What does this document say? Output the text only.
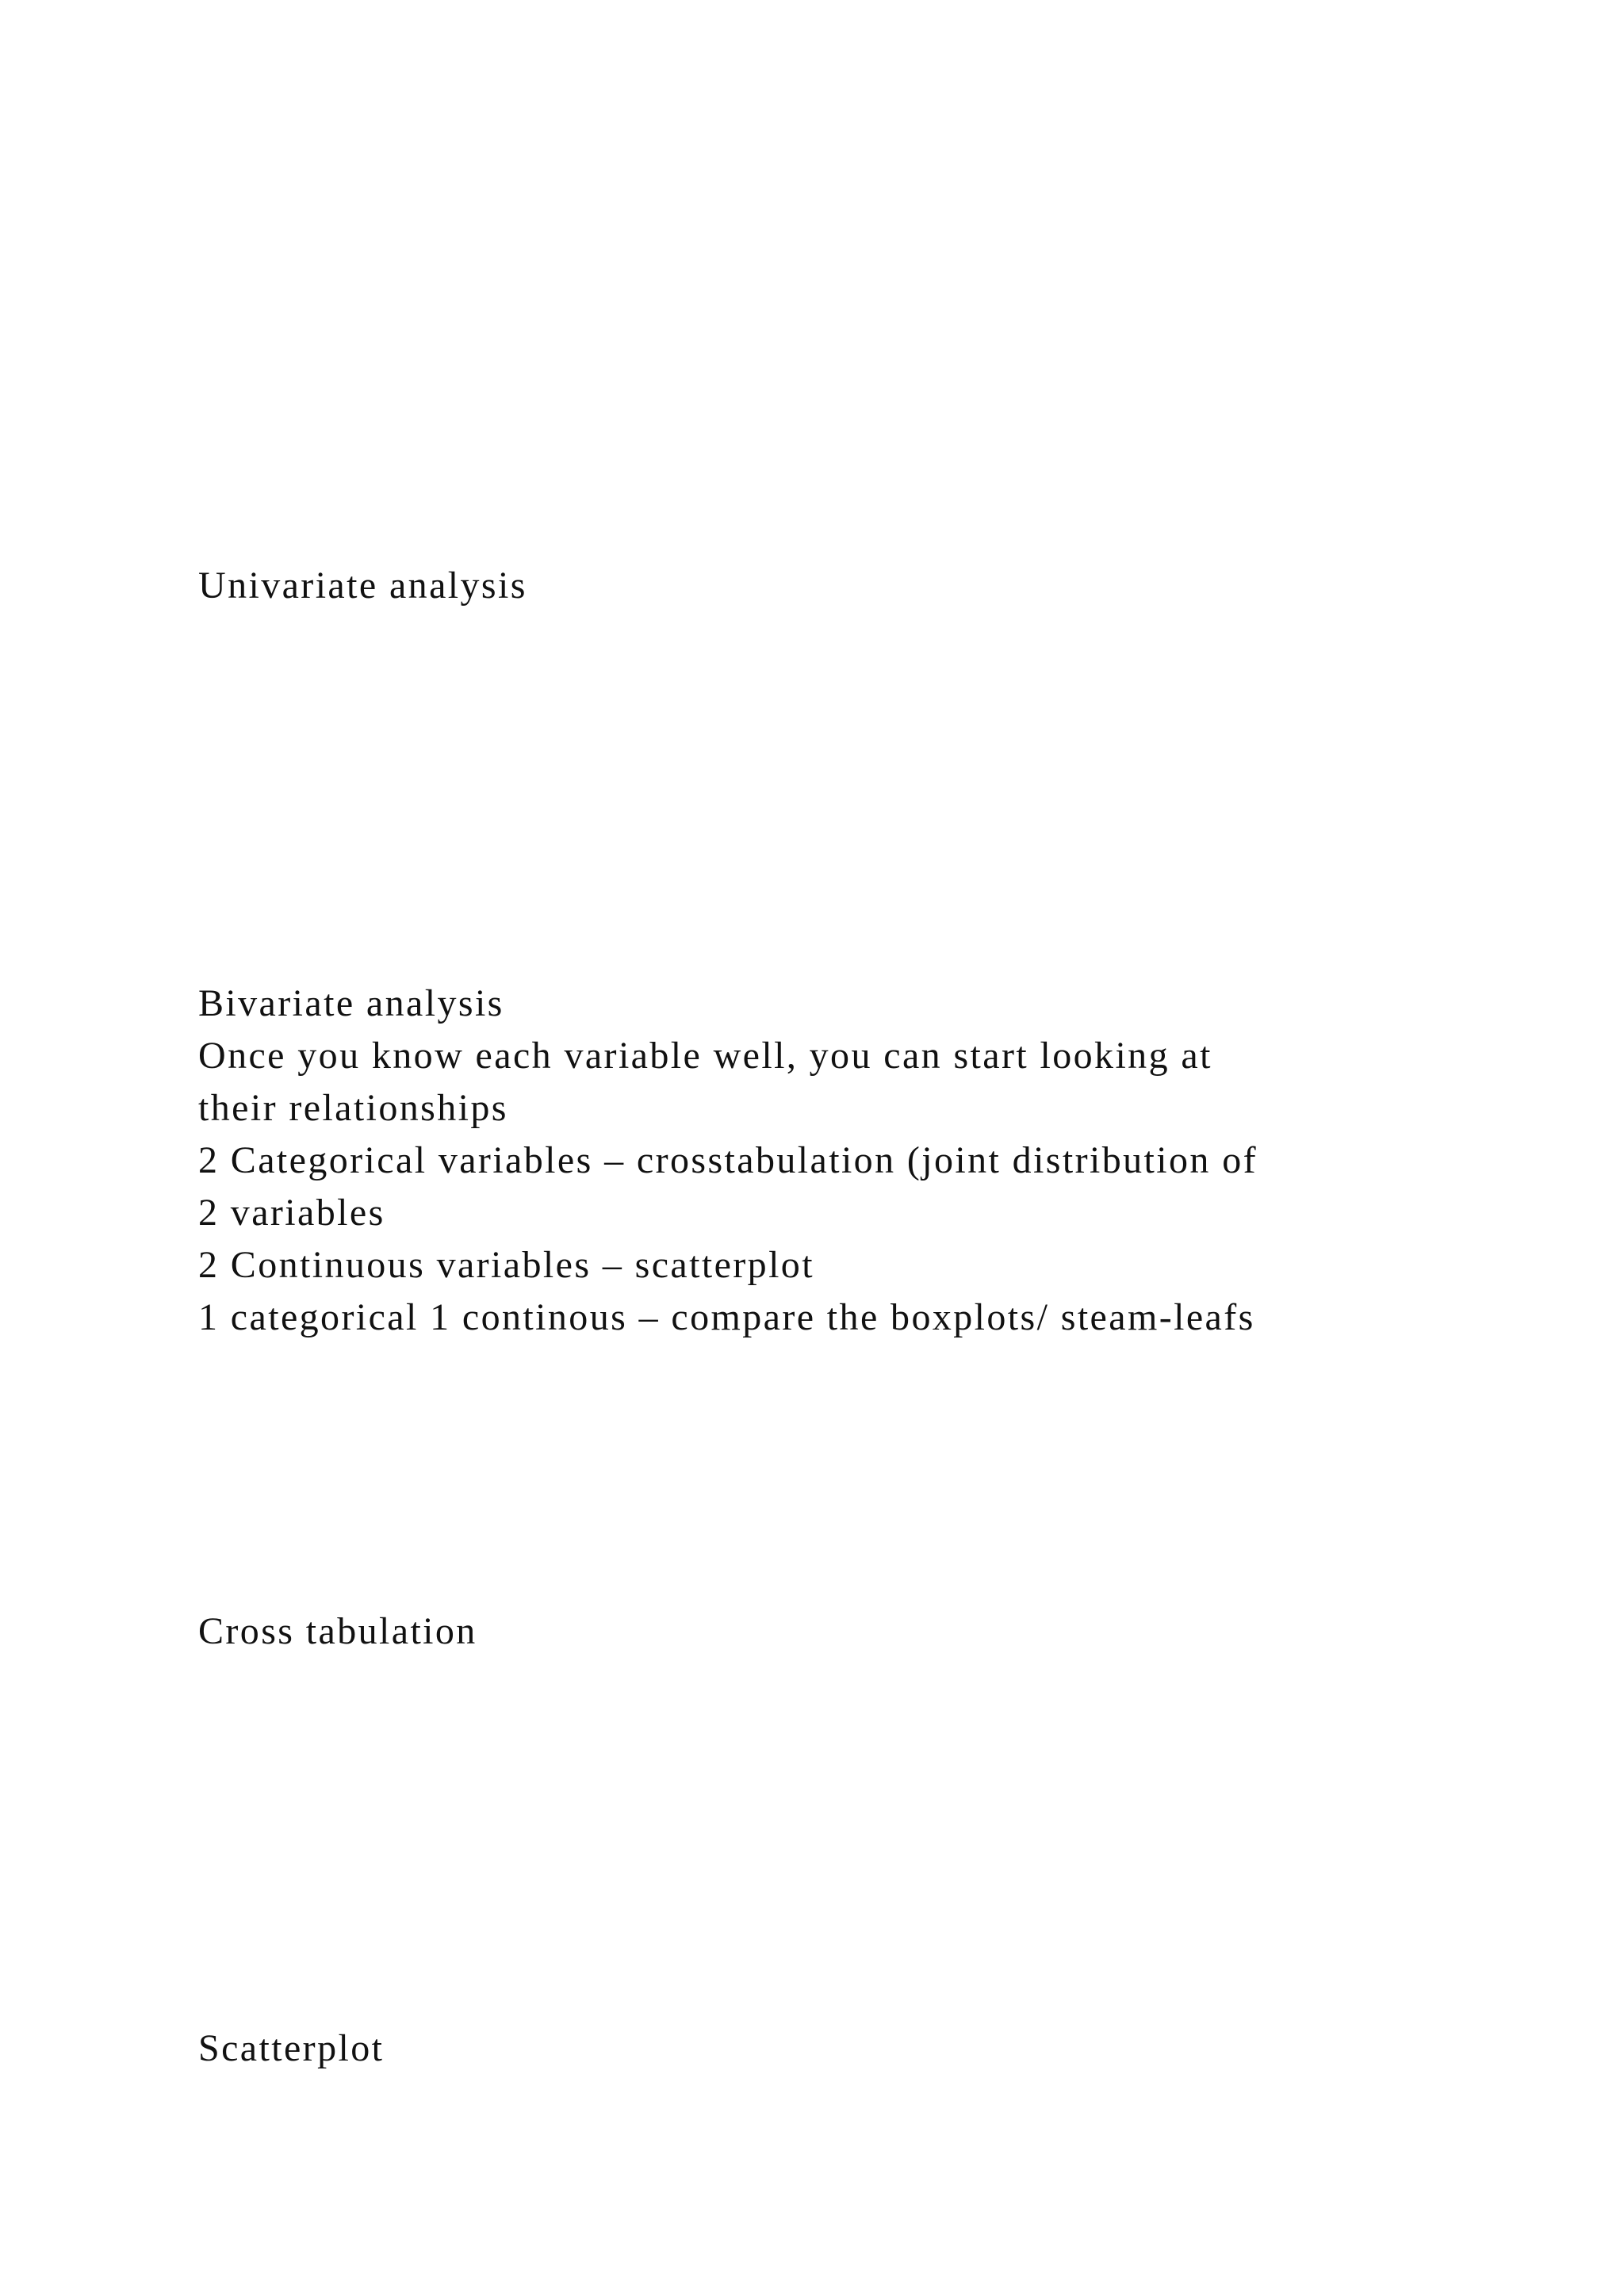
Univariate analysis
Bivariate analysis

Once you know each variable well, you can start looking at

their relationships

2 Categorical variables – crosstabulation (joint distribution of

2 variables

2 Continuous variables – scatterplot

1 categorical 1 continous – compare the boxplots/ steam-leafs

Cross tabulation
Scatterplot
